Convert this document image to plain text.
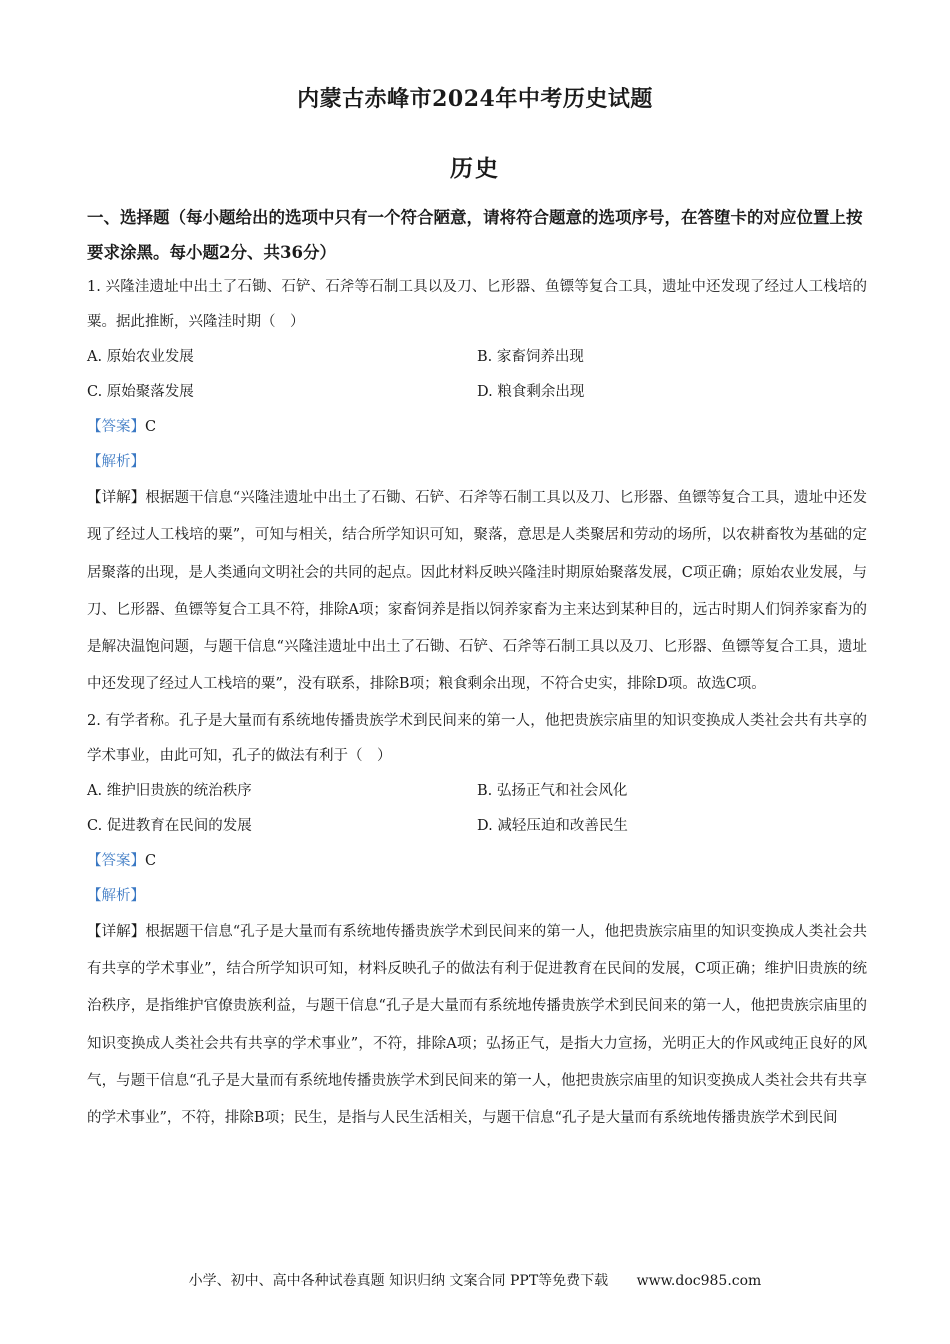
内蒙古赤峰市2024年中考历史试题
历史

一、选择题（每小题给出的选项中只有一个符合陋意，请将符合题意的选项序号，在答堕卡的对应位置上按要求涂黑。每小题2分、共36分）

1. 兴隆洼遗址中出土了石锄、石铲、石斧等石制工具以及刀、匕形器、鱼镖等复合工具，遗址中还发现了经过人工栈培的粟。据此推断，兴隆洼时期（　）

A. 原始农业发展	B. 家畜饲养出现
C. 原始聚落发展	D. 粮食剩余出现

【答案】C

【解析】

【详解】根据题干信息“兴隆洼遗址中出土了石锄、石铲、石斧等石制工具以及刀、匕形器、鱼镖等复合工具，遗址中还发现了经过人工栈培的粟”，可知与相关，结合所学知识可知，聚落，意思是人类聚居和劳动的场所，以农耕畜牧为基础的定居聚落的出现，是人类通向文明社会的共同的起点。因此材料反映兴隆洼时期原始聚落发展，C项正确；原始农业发展，与刀、匕形器、鱼镖等复合工具不符，排除A项；家畜饲养是指以饲养家畜为主来达到某种目的，远古时期人们饲养家畜为的是解决温饱问题，与题干信息“兴隆洼遗址中出土了石锄、石铲、石斧等石制工具以及刀、匕形器、鱼镖等复合工具，遗址中还发现了经过人工栈培的粟”，没有联系，排除B项；粮食剩余出现，不符合史实，排除D项。故选C项。

2. 有学者称。孔子是大量而有系统地传播贵族学术到民间来的第一人，他把贵族宗庙里的知识变换成人类社会共有共享的学术事业，由此可知，孔子的做法有利于（　）

A. 维护旧贵族的统治秩序	B. 弘扬正气和社会风化
C. 促进教育在民间的发展	D. 减轻压迫和改善民生

【答案】C

【解析】

【详解】根据题干信息“孔子是大量而有系统地传播贵族学术到民间来的第一人，他把贵族宗庙里的知识变换成人类社会共有共享的学术事业”，结合所学知识可知，材料反映孔子的做法有利于促进教育在民间的发展，C项正确；维护旧贵族的统治秩序，是指维护官僚贵族利益，与题干信息“孔子是大量而有系统地传播贵族学术到民间来的第一人，他把贵族宗庙里的知识变换成人类社会共有共享的学术事业”，不符，排除A项；弘扬正气，是指大力宣扬，光明正大的作风或纯正良好的风气，与题干信息“孔子是大量而有系统地传播贵族学术到民间来的第一人，他把贵族宗庙里的知识变换成人类社会共有共享的学术事业”，不符，排除B项；民生，是指与人民生活相关，与题干信息“孔子是大量而有系统地传播贵族学术到民间

小学、初中、高中各种试卷真题 知识归纳 文案合同 PPT等免费下载 www.doc985.com
